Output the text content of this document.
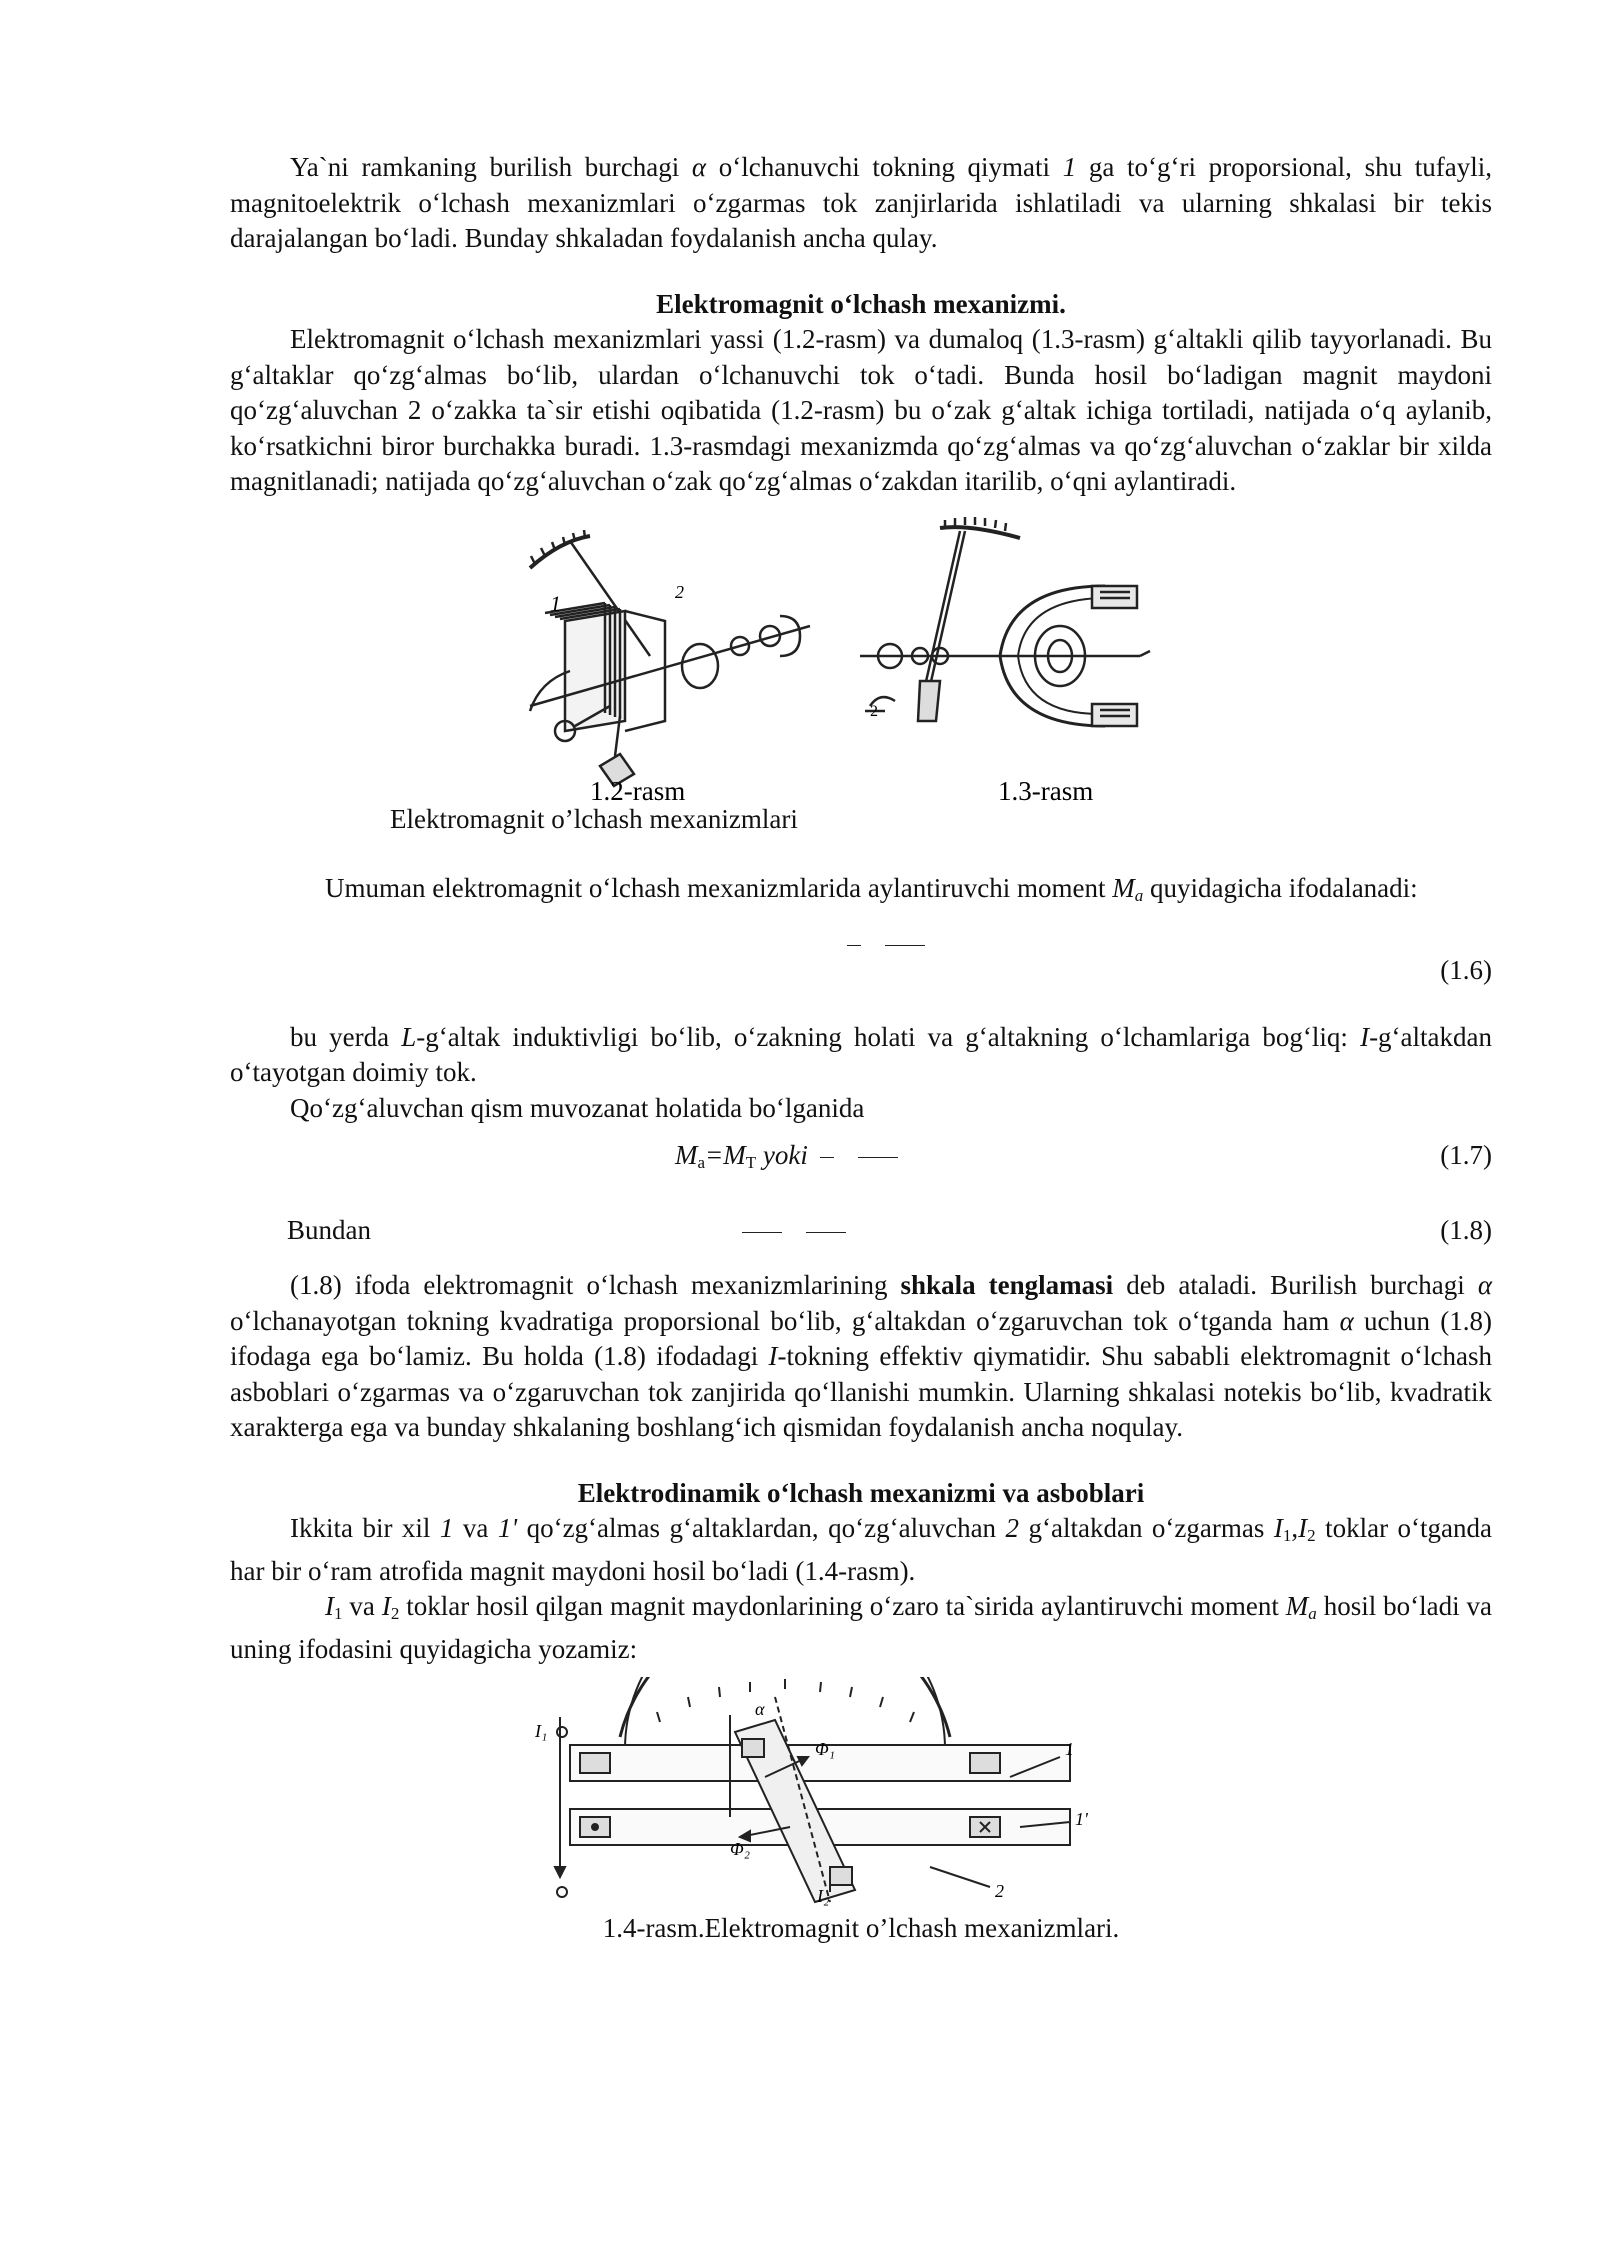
Ya`ni ramkaning burilish burchagi α o‘lchanuvchi tokning qiymati 1 ga to‘g‘ri proporsional, shu tufayli, magnitoelektrik o‘lchash mexanizmlari o‘zgarmas tok zanjirlarida ishlatiladi va ularning shkalasi bir tekis darajalangan bo‘ladi. Bunday shkaladan foydalanish ancha qulay.

Elektromagnit o‘lchash mexanizmi.

Elektromagnit o‘lchash mexanizmlari yassi (1.2-rasm) va dumaloq (1.3-rasm) g‘altakli qilib tayyorlanadi. Bu g‘altaklar qo‘zg‘almas bo‘lib, ulardan o‘lchanuvchi tok o‘tadi. Bunda hosil bo‘ladigan magnit maydoni qo‘zg‘aluvchan 2 o‘zakka ta`sir etishi oqibatida (1.2-rasm) bu o‘zak g‘altak ichiga tortiladi, natijada o‘q aylanib, ko‘rsatkichni biror burchakka buradi. 1.3-rasmdagi mexanizmda qo‘zg‘almas va qo‘zg‘aluvchan o‘zaklar bir xilda magnitlanadi; natijada qo‘zg‘aluvchan o‘zak qo‘zg‘almas o‘zakdan itarilib, o‘qni aylantiradi.

1	2
2
1.2-rasm	1.3-rasm

Elektromagnit o’lchash mexanizmlari

Umuman elektromagnit o‘lchash mexanizmlarida aylantiruvchi moment $M_a$ quyidagicha ifodalanadi:

(1.6)

bu yerda L-g‘altak induktivligi bo‘lib, o‘zakning holati va g‘altakning o‘lchamlariga bog‘liq: I-g‘altakdan o‘tayotgan doimiy tok.

Qo‘zg‘aluvchan qism muvozanat holatida bo‘lganida

$M_a=M_T$ yoki	(1.7)
Bundan	(1.8)

(1.8) ifoda elektromagnit o‘lchash mexanizmlarining shkala tenglamasi deb ataladi. Burilish burchagi α o‘lchanayotgan tokning kvadratiga proporsional bo‘lib, g‘altakdan o‘zgaruvchan tok o‘tganda ham α uchun (1.8) ifodaga ega bo‘lamiz. Bu holda (1.8) ifodadagi I-tokning effektiv qiymatidir. Shu sababli elektromagnit o‘lchash asboblari o‘zgarmas va o‘zgaruvchan tok zanjirida qo‘llanishi mumkin. Ularning shkalasi notekis bo‘lib, kvadratik xarakterga ega va bunday shkalaning boshlang‘ich qismidan foydalanish ancha noqulay.

Elektrodinamik o‘lchash mexanizmi va asboblari

Ikkita bir xil 1 va 1' qo‘zg‘almas g‘altaklardan, qo‘zg‘aluvchan 2 g‘altakdan o‘zgarmas $I_1,I_2$ toklar o‘tganda har bir o‘ram atrofida magnit maydoni hosil bo‘ladi (1.4-rasm).

$I_1$ va $I_2$ toklar hosil qilgan magnit maydonlarining o‘zaro ta`sirida aylantiruvchi moment $M_a$ hosil bo‘ladi va uning ifodasini quyidagicha yozamiz:

I₁
I₂
Φ₁
Φ₂
1
1'
2
α

1.4-rasm.Elektromagnit o’lchash mexanizmlari.
